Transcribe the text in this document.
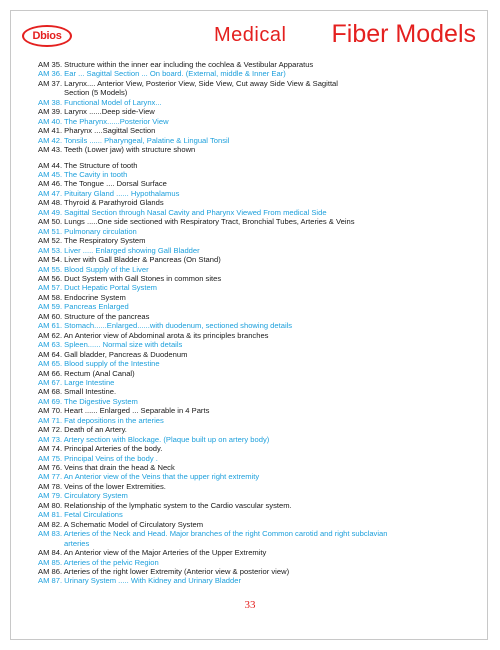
Dbios	Medical Fiber Models
AM 35. Structure within the inner ear including the cochlea & Vestibular Apparatus
AM 36. Ear ... Sagittal Section ... On board. (External, middle & Inner Ear)
AM 37. Larynx.... Anterior View, Posterior View, Side View, Cut away Side View & Sagittal
Section (5 Models)
AM 38. Functional Model of Larynx...
AM 39. Larynx ......Deep side-View
AM 40. The Pharynx......Posterior View
AM 41. Pharynx ....Sagittal Section
AM 42. Tonsils ...... Pharyngeal, Palatine & Lingual Tonsil
AM 43. Teeth (Lower jaw) with structure shown
AM 44. The Structure of tooth
AM 45. The Cavity in tooth
AM 46. The Tongue .... Dorsal Surface
AM 47. Pituitary Gland ...... Hypothalamus
AM 48. Thyroid & Parathyroid Glands
AM 49. Sagittal Section through Nasal Cavity and Pharynx Viewed From medical Side
AM 50. Lungs .....One side sectioned with Respiratory Tract, Bronchial Tubes, Arteries & Veins
AM 51. Pulmonary circulation
AM 52. The Respiratory System
AM 53. Liver ..... Enlarged showing Gall Bladder
AM 54. Liver with Gall Bladder & Pancreas (On Stand)
AM 55. Blood Supply of the Liver
AM 56. Duct System with Gall Stones in common sites
AM 57. Duct Hepatic Portal System
AM 58. Endocrine System
AM 59. Pancreas Enlarged
AM 60. Structure of the pancreas
AM 61. Stomach......Enlarged......with duodenum, sectioned showing details
AM 62. An Anterior view of Abdominal arota & its principles branches
AM 63. Spleen...... Normal size with details
AM 64. Gall bladder, Pancreas & Duodenum
AM 65. Blood supply of the Intestine
AM 66. Rectum (Anal Canal)
AM 67. Large Intestine
AM 68. Small Intestine.
AM 69. The Digestive System
AM 70. Heart ...... Enlarged ... Separable in 4 Parts
AM 71. Fat depositions in the arteries
AM 72. Death of an Artery.
AM 73. Artery section with Blockage. (Plaque built up on artery body)
AM 74. Principal Arteries of the body.
AM 75. Principal Veins of the body .
AM 76. Veins that drain the head & Neck
AM 77. An Anterior view of the Veins that the upper right extremity
AM 78. Veins of the lower Extremities.
AM 79. Circulatory System
AM 80. Relationship of the lymphatic system to the Cardio vascular system.
AM 81. Fetal Circulations
AM 82. A Schematic Model of Circulatory System
AM 83. Arteries of the Neck and Head. Major branches of the right Common carotid and right subclavian
arteries
AM 84. An Anterior view of the Major Arteries of the Upper Extremity
AM 85. Arteries of the pelvic Region
AM 86. Arteries of the right lower Extremity (Anterior view & posterior view)
AM 87. Urinary System ..... With Kidney and Urinary Bladder
33
